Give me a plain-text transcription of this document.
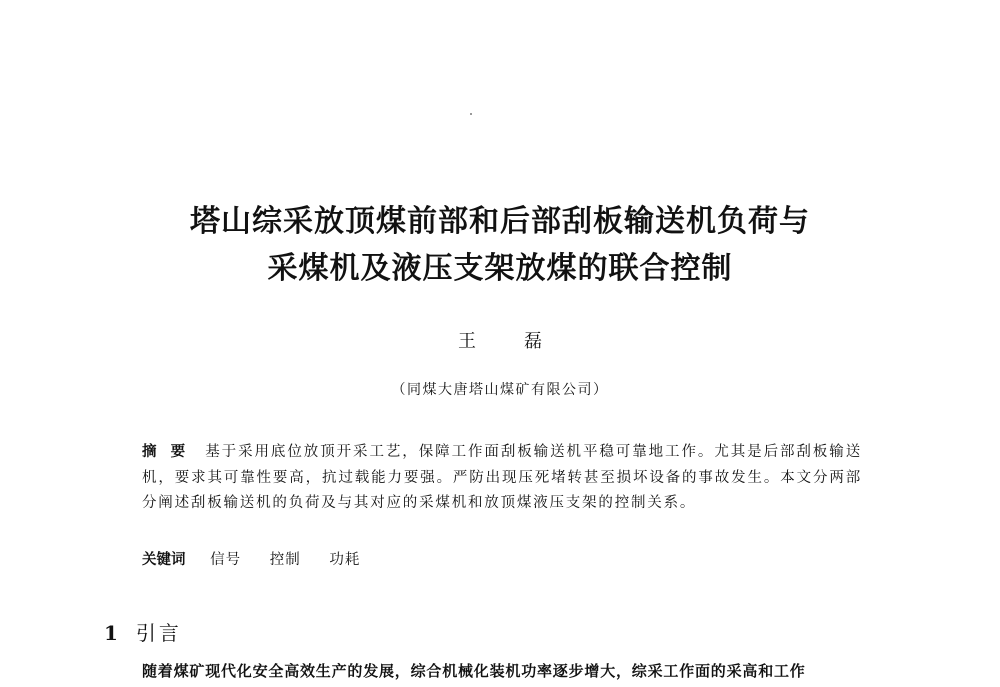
塔山综采放顶煤前部和后部刮板输送机负荷与
采煤机及液压支架放煤的联合控制
王磊
（同煤大唐塔山煤矿有限公司）
摘要 基于采用底位放顶开采工艺，保障工作面刮板输送机平稳可靠地工作。尤其是后部刮板输送机，要求其可靠性要高，抗过载能力要强。严防出现压死堵转甚至损坏设备的事故发生。本文分两部分阐述刮板输送机的负荷及与其对应的采煤机和放顶煤液压支架的控制关系。
关键词 信号 控制 功耗
1 引言
随着煤矿现代化安全高效生产的发展，综合机械化装机功率逐步增大，综采工作面的采高和工作
